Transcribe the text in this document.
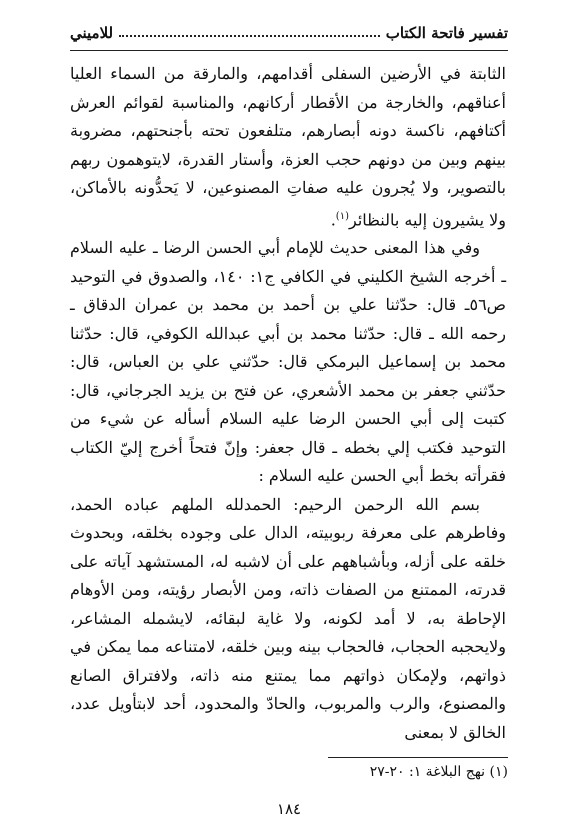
تفسير فاتحة الكتاب
للاميني

الثابتة في الأرضين السفلى أقدامهم، والمارقة من السماء العليا أعناقهم، والخارجة من الأقطار أركانهم، والمناسبة لقوائم العرش أكتافهم، ناكسة دونه أبصارهم، متلفعون تحته بأجنحتهم، مضروبة بينهم وبين من دونهم حجب العزة، وأستار القدرة، لايتوهمون ربهم بالتصوير، ولا يُجرون عليه صفاتِ المصنوعين، لا يَحدُّونه بالأماكن، ولا يشيرون إليه بالنظائر$^{(١)}$.

وفي هذا المعنى حديث للإمام أبي الحسن الرضا ـ عليه السلام ـ أخرجه الشيخ الكليني في الكافي ج١: ١٤٠، والصدوق في التوحيد ص٥٦ـ قال: حدّثنا علي بن أحمد بن محمد بن عمران الدقاق ـ رحمه الله ـ قال: حدّثنا محمد بن أبي عبدالله الكوفي، قال: حدّثنا محمد بن إسماعيل البرمكي قال: حدّثني علي بن العباس، قال: حدّثني جعفر بن محمد الأشعري، عن فتح بن يزيد الجرجاني، قال: كتبت إلى أبي الحسن الرضا عليه السلام أسأله عن شيء من التوحيد فكتب إلي بخطه ـ قال جعفر: وإنّ فتحاً أخرج إليّ الكتاب فقرأته بخط أبي الحسن عليه السلام :

بسم الله الرحمن الرحيم: الحمدلله الملهم عباده الحمد، وفاطرهم على معرفة ربوبيته، الدال على وجوده بخلقه، وبحدوث خلقه على أزله، وبأشباههم على أن لاشبه له، المستشهد آياته على قدرته، الممتنع من الصفات ذاته، ومن الأبصار رؤيته، ومن الأوهام الإحاطة به، لا أمد لكونه، ولا غاية لبقائه، لايشمله المشاعر، ولايحجبه الحجاب، فالحجاب بينه وبين خلقه، لامتناعه مما يمكن في ذواتهم، ولإمكان ذواتهم مما يمتنع منه ذاته، ولافتراق الصانع والمصنوع، والرب والمربوب، والحادّ والمحدود، أحد لابتأويل عدد، الخالق لا بمعنى

(١) نهج البلاغة ١: ٢٠-٢٧
١٨٤
